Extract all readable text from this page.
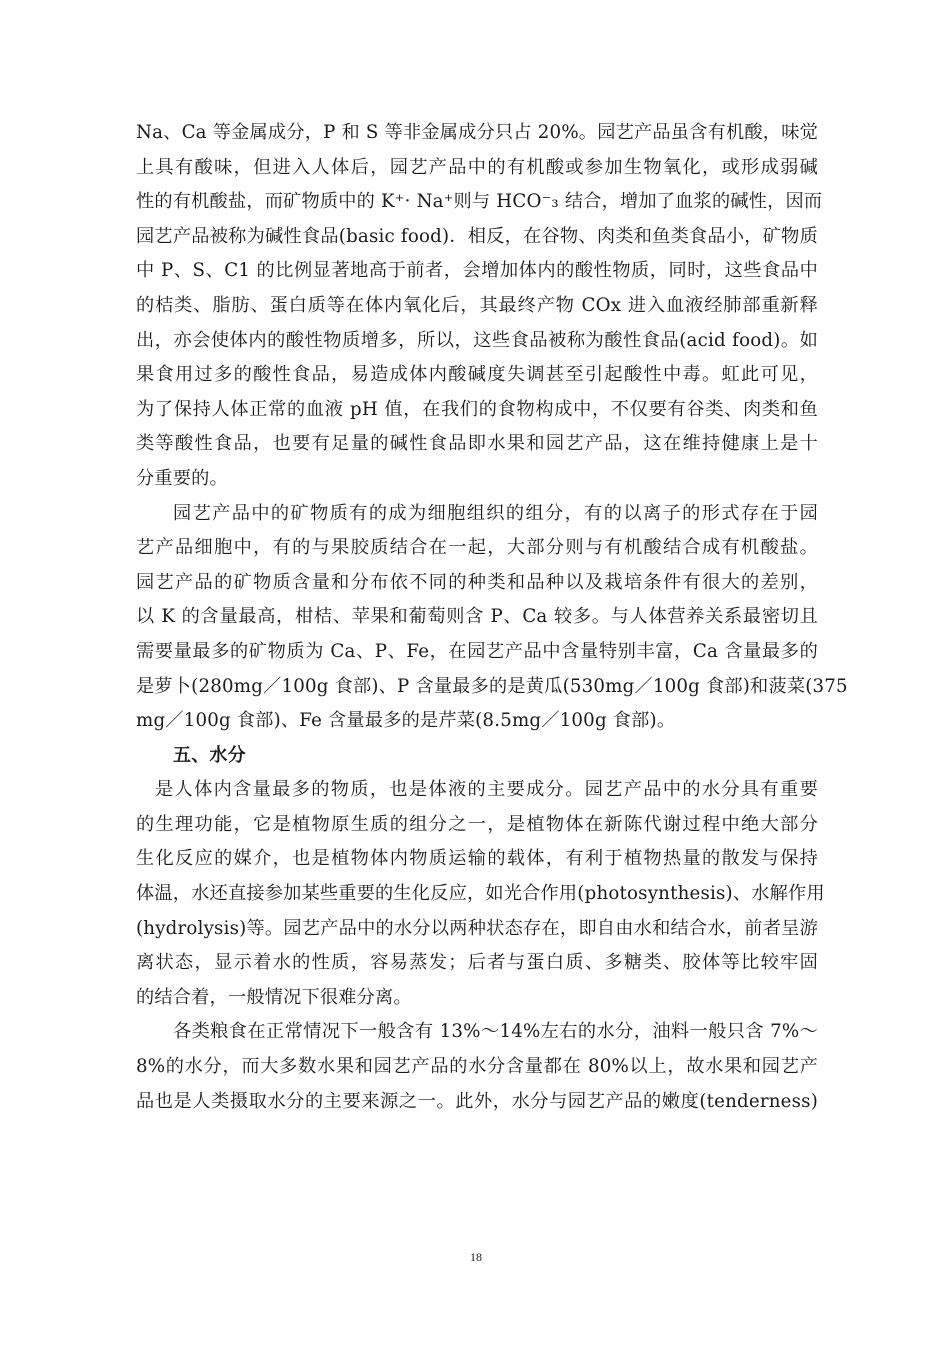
Na、Ca 等金属成分，P 和 S 等非金属成分只占 20%。园艺产品虽含有机酸，味觉
上具有酸味，但进入人体后，园艺产品中的有机酸或参加生物氧化，或形成弱碱
性的有机酸盐，而矿物质中的 K⁺· Na⁺则与 HCO⁻₃ 结合，增加了血浆的碱性，因而
园艺产品被称为碱性食品(basic food)．相反，在谷物、肉类和鱼类食品小，矿物质
中 P、S、C1 的比例显著地高于前者，会增加体内的酸性物质，同时，这些食品中
的桔类、脂肪、蛋白质等在体内氧化后，其最终产物 COx 进入血液经肺部重新释
出，亦会使体内的酸性物质增多，所以，这些食品被称为酸性食品(acid food)。如
果食用过多的酸性食品，易造成体内酸碱度失调甚至引起酸性中毒。虹此可见，
为了保持人体正常的血液 pH 值，在我们的食物构成中，不仅要有谷类、肉类和鱼
类等酸性食品，也要有足量的碱性食品即水果和园艺产品，这在维持健康上是十
分重要的。
园艺产品中的矿物质有的成为细胞组织的组分，有的以离子的形式存在于园
艺产品细胞中，有的与果胶质结合在一起，大部分则与有机酸结合成有机酸盐。
园艺产品的矿物质含量和分布依不同的种类和品种以及栽培条件有很大的差别，
以 K 的含量最高，柑桔、苹果和葡萄则含 P、Ca 较多。与人体营养关系最密切且
需要量最多的矿物质为 Ca、P、Fe，在园艺产品中含量特别丰富，Ca 含量最多的
是萝卜(280mg／100g 食部)、P 含量最多的是黄瓜(530mg／100g 食部)和菠菜(375
mg／100g 食部)、Fe 含量最多的是芹菜(8.5mg／100g 食部)。
五、水分
是人体内含量最多的物质，也是体液的主要成分。园艺产品中的水分具有重要
的生理功能，它是植物原生质的组分之一，是植物体在新陈代谢过程中绝大部分
生化反应的媒介，也是植物体内物质运输的载体，有利于植物热量的散发与保持
体温，水还直接参加某些重要的生化反应，如光合作用(photosynthesis)、水解作用
(hydrolysis)等。园艺产品中的水分以两种状态存在，即自由水和结合水，前者呈游
离状态，显示着水的性质，容易蒸发；后者与蛋白质、多糖类、胶体等比较牢固
的结合着，一般情况下很难分离。
各类粮食在正常情况下一般含有 13%～14%左右的水分，油料一般只含 7%～
8%的水分，而大多数水果和园艺产品的水分含量都在 80%以上，故水果和园艺产
品也是人类摄取水分的主要来源之一。此外，水分与园艺产品的嫩度(tenderness)
18
